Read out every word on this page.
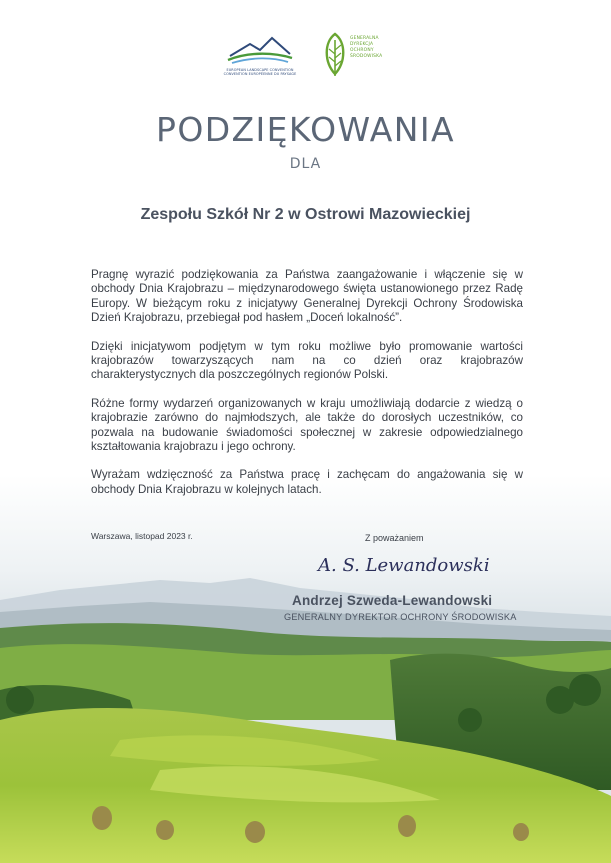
EUROPEAN LANDSCAPE CONVENTION
CONVENTION EUROPÉENNE DU PAYSAGE
GENERALNA
DYREKCJA
OCHRONY
ŚRODOWISKA
PODZIĘKOWANIA
DLA
Zespołu Szkół Nr 2 w Ostrowi Mazowieckiej

Pragnę wyrazić podziękowania za Państwa zaangażowanie i włączenie się w obchody Dnia Krajobrazu – międzynarodowego święta ustanowionego przez Radę Europy. W bieżącym roku z inicjatywy Generalnej Dyrekcji Ochrony Środowiska Dzień Krajobrazu, przebiegał pod hasłem „Doceń lokalność”.

Dzięki inicjatywom podjętym w tym roku możliwe było promowanie wartości krajobrazów towarzyszących nam na co dzień oraz krajobrazów charakterystycznych dla poszczególnych regionów Polski.

Różne formy wydarzeń organizowanych w kraju umożliwiają dodarcie z wiedzą o krajobrazie zarówno do najmłodszych, ale także do dorosłych uczestników, co pozwala na budowanie świadomości społecznej w zakresie odpowiedzialnego kształtowania krajobrazu i jego ochrony.

Wyrażam wdzięczność za Państwa pracę i zachęcam do angażowania się w obchody Dnia Krajobrazu w kolejnych latach.

Warszawa, listopad 2023 r.	Z poważaniem
A. S. Lewandowski
Andrzej Szweda-Lewandowski
GENERALNY DYREKTOR OCHRONY ŚRODOWISKA
